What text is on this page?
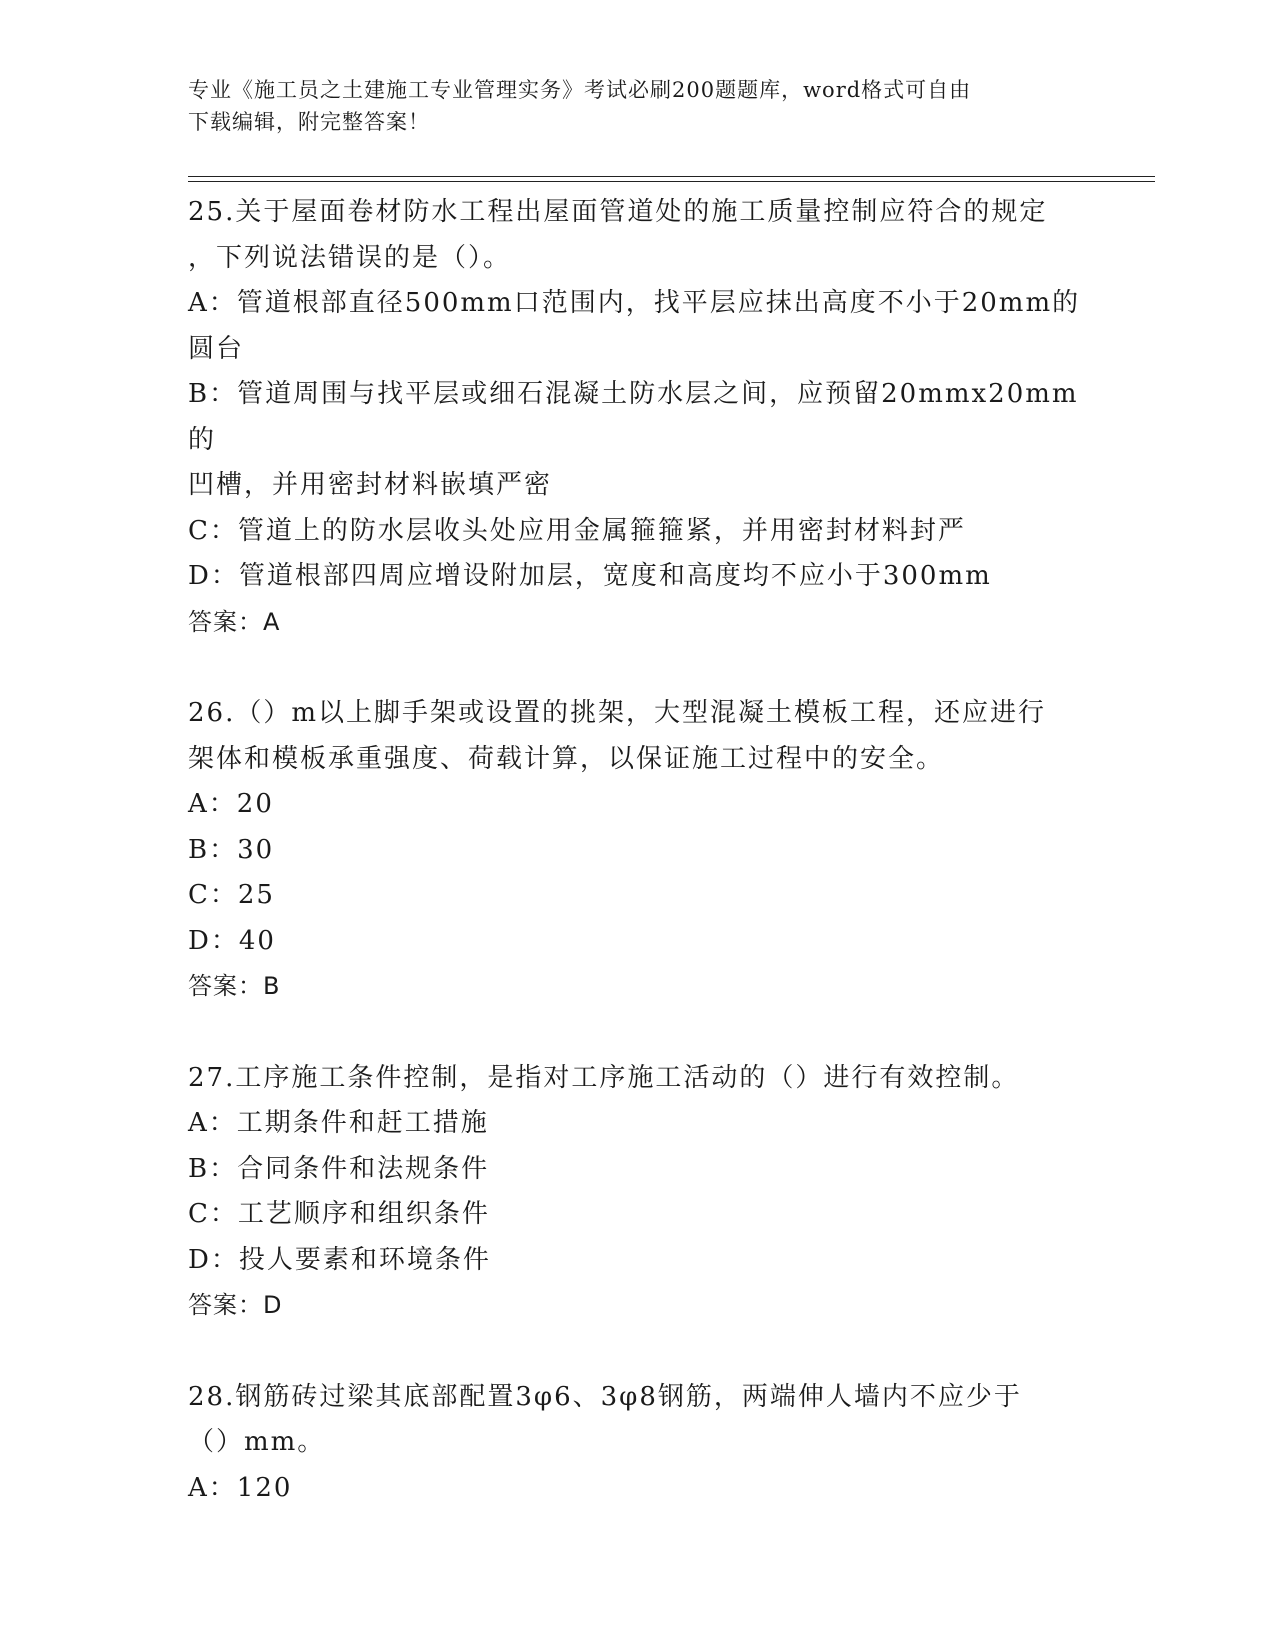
专业《施工员之土建施工专业管理实务》考试必刷200题题库，word格式可自由
下载编辑，附完整答案！
25.关于屋面卷材防水工程出屋面管道处的施工质量控制应符合的规定
，下列说法错误的是（）。
A：管道根部直径500mm口范围内，找平层应抹出高度不小于20mm的
圆台
B：管道周围与找平层或细石混凝土防水层之间，应预留20mmx20mm的
凹槽，并用密封材料嵌填严密
C：管道上的防水层收头处应用金属箍箍紧，并用密封材料封严
D：管道根部四周应增设附加层，宽度和高度均不应小于300mm
答案：A
26.（）m以上脚手架或设置的挑架，大型混凝土模板工程，还应进行
架体和模板承重强度、荷载计算，以保证施工过程中的安全。
A：20
B：30
C：25
D：40
答案：B
27.工序施工条件控制，是指对工序施工活动的（）进行有效控制。
A：工期条件和赶工措施
B：合同条件和法规条件
C：工艺顺序和组织条件
D：投人要素和环境条件
答案：D
28.钢筋砖过梁其底部配置3φ6、3φ8钢筋，两端伸人墙内不应少于
（）mm。
A：120
